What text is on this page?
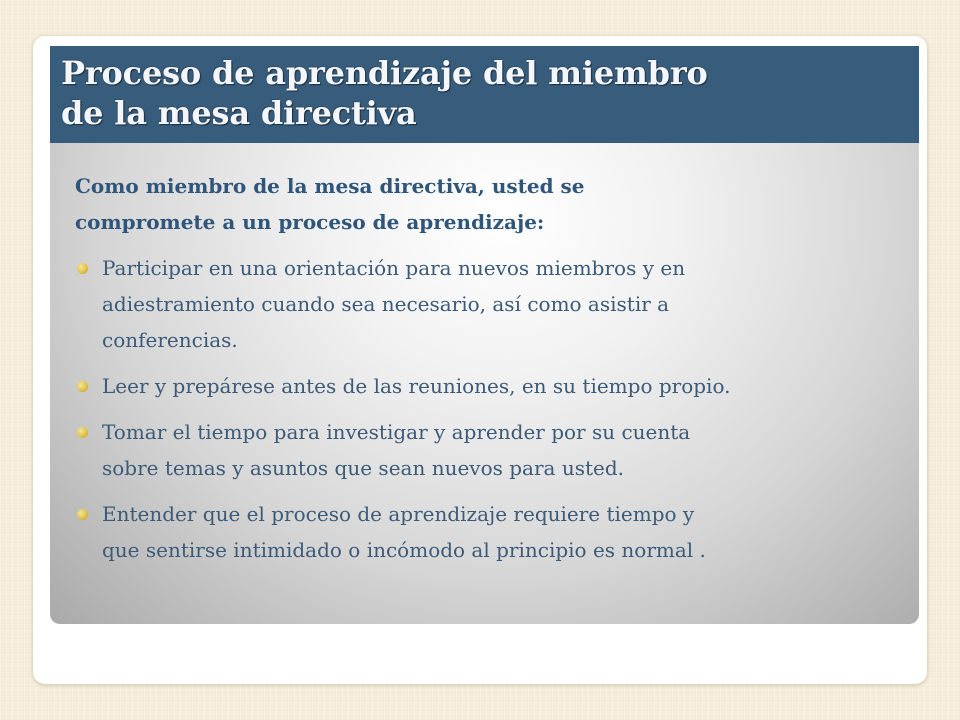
Proceso de aprendizaje del miembro
de la mesa directiva

Como miembro de la mesa directiva, usted se
compromete a un proceso de aprendizaje:

Participar en una orientación para nuevos miembros y en
adiestramiento cuando sea necesario, así como asistir a
conferencias.
Leer y prepárese antes de las reuniones, en su tiempo propio.
Tomar el tiempo para investigar y aprender por su cuenta
sobre temas y asuntos que sean nuevos para usted.
Entender que el proceso de aprendizaje requiere tiempo y
que sentirse intimidado o incómodo al principio es normal .
